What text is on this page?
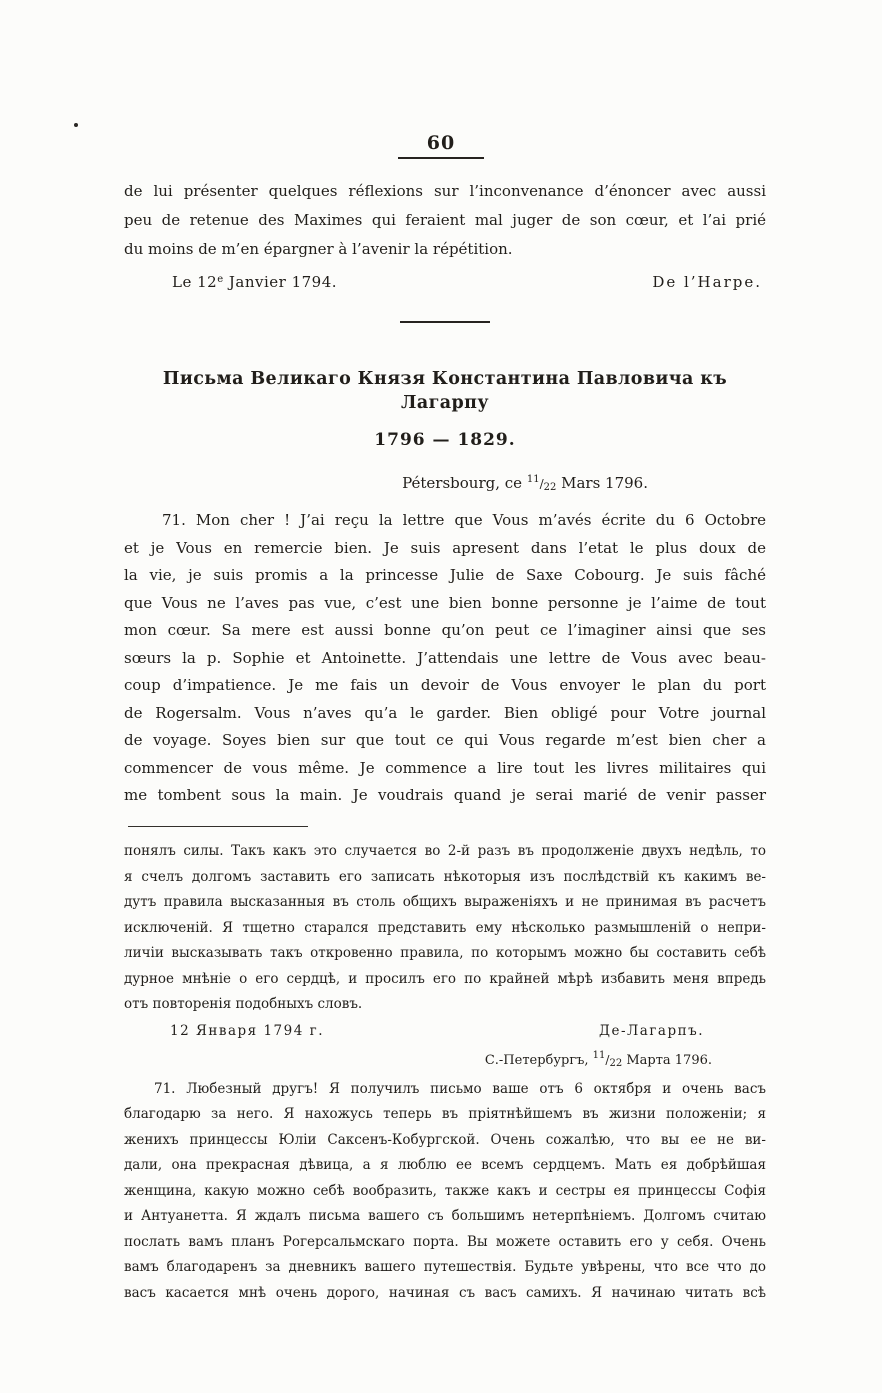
60
de lui présenter quelques réflexions sur l’inconvenance d’énoncer avec aussi
peu de retenue des Maximes qui feraient mal juger de son cœur, et l’ai prié
du moins de m’en épargner à l’avenir la répétition.
Le 12e Janvier 1794.	De l’Harpe.
Письма Великаго Князя Константина Павловича къ Лагарпу
1796 — 1829.
Pétersbourg, ce $^{11}/_{22}$ Mars 1796.
71. Mon cher ! J’ai reçu la lettre que Vous m’avés écrite du 6 Octobre
et je Vous en remercie bien. Je suis apresent dans l’etat le plus doux de
la vie, je suis promis a la princesse Julie de Saxe Cobourg. Je suis fâché
que Vous ne l’aves pas vue, c’est une bien bonne personne je l’aime de tout
mon cœur. Sa mere est aussi bonne qu’on peut ce l’imaginer ainsi que ses
sœurs la p. Sophie et Antoinette. J’attendais une lettre de Vous avec beau-
coup d’impatience. Je me fais un devoir de Vous envoyer le plan du port
de Rogersalm. Vous n’aves qu’a le garder. Bien obligé pour Votre journal
de voyage. Soyes bien sur que tout ce qui Vous regarde m’est bien cher a
commencer de vous même. Je commence a lire tout les livres militaires qui
me tombent sous la main. Je voudrais quand je serai marié de venir passer
понялъ силы. Такъ какъ это случается во 2-й разъ въ продолженіе двухъ недѣль, то
я счелъ долгомъ заставить его записать нѣкоторыя изъ послѣдствій къ какимъ ве-
дутъ правила высказанныя въ столь общихъ выраженіяхъ и не принимая въ расчетъ
исключеній. Я тщетно старался представить ему нѣсколько размышленій о непри-
личіи высказывать такъ откровенно правила, по которымъ можно бы составить себѣ
дурное мнѣніе о его сердцѣ, и просилъ его по крайней мѣрѣ избавить меня впредь
отъ повторенія подобныхъ словъ.
12 Января 1794 г.	Де-Лагарпъ.
С.-Петербургъ, $^{11}/_{22}$ Марта 1796.
71. Любезный другъ! Я получилъ письмо ваше отъ 6 октября и очень васъ
благодарю за него. Я нахожусь теперь въ пріятнѣйшемъ въ жизни положеніи; я
женихъ принцессы Юліи Саксенъ-Кобургской. Очень сожалѣю, что вы ее не ви-
дали, она прекрасная дѣвица, а я люблю ее всемъ сердцемъ. Мать ея добрѣйшая
женщина, какую можно себѣ вообразить, также какъ и сестры ея принцессы Софія
и Антуанетта. Я ждалъ письма вашего съ большимъ нетерпѣніемъ. Долгомъ считаю
послать вамъ планъ Рогерсальмскаго порта. Вы можете оставить его у себя. Очень
вамъ благодаренъ за дневникъ вашего путешествія. Будьте увѣрены, что все что до
васъ касается мнѣ очень дорого, начиная съ васъ самихъ. Я начинаю читать всѣ
